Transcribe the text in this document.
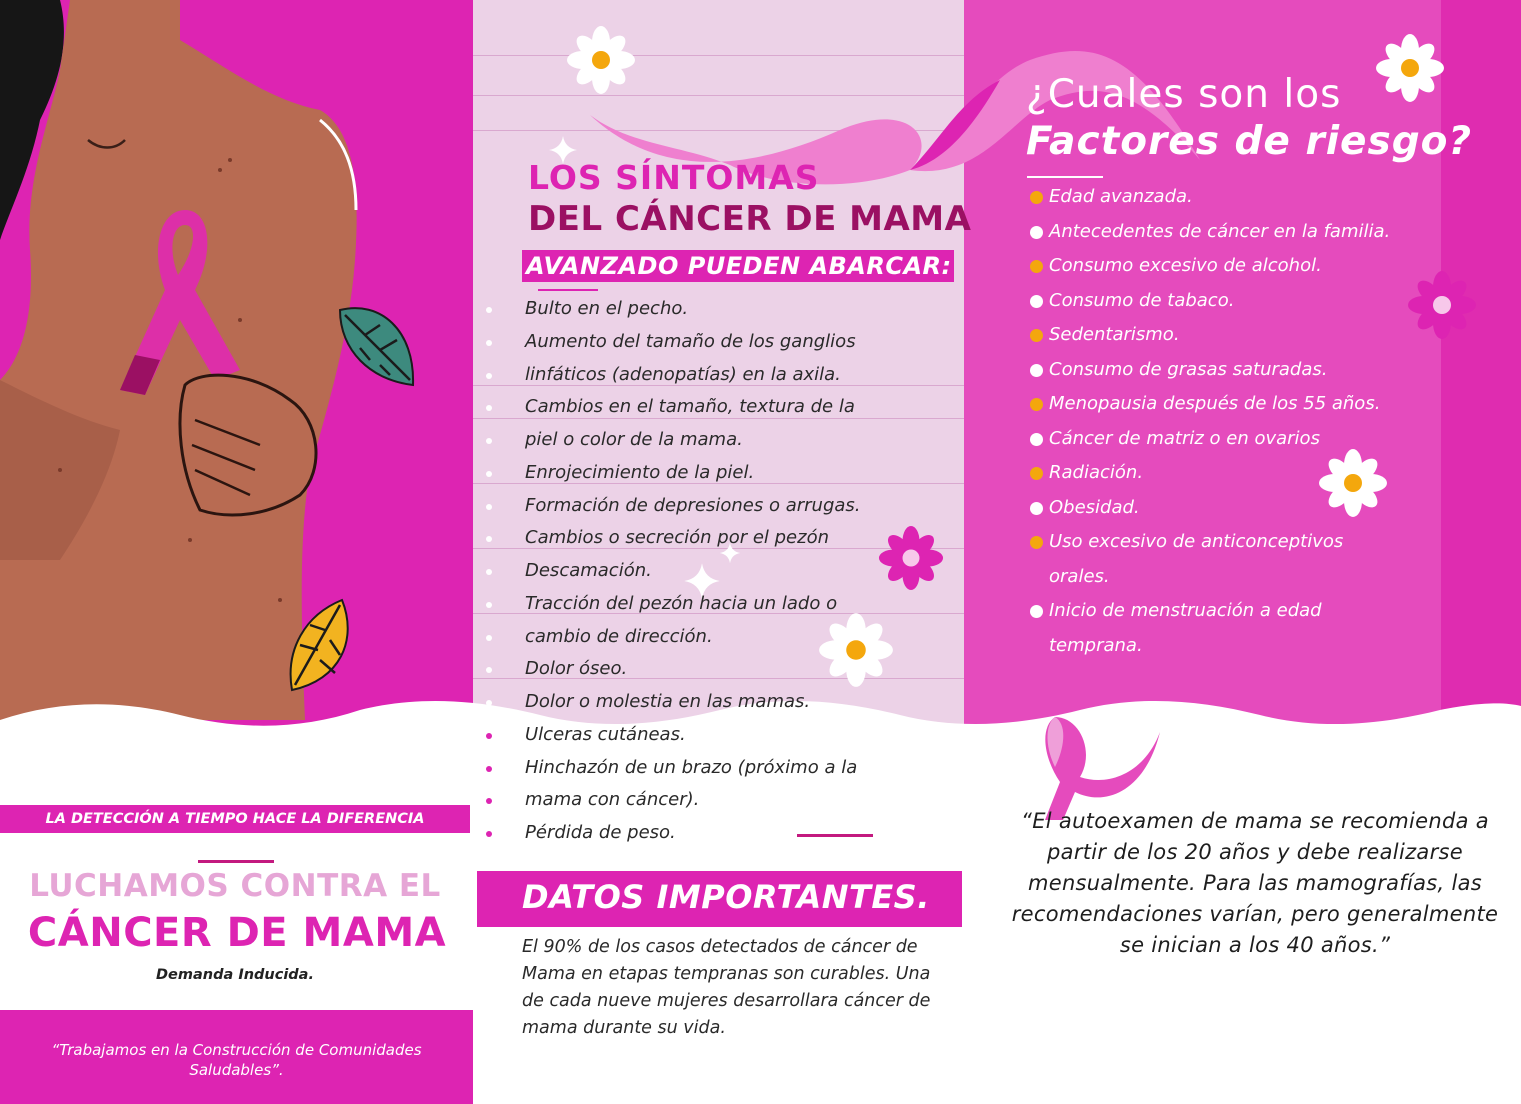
LA DETECCIÓN A TIEMPO HACE LA DIFERENCIA
LUCHAMOS CONTRA EL
CÁNCER DE MAMA
Demanda Inducida.
“Trabajamos en la Construcción de Comunidades Saludables”.
LOS SÍNTOMAS
DEL CÁNCER DE MAMA
AVANZADO PUEDEN ABARCAR:
Bulto en el pecho.
Aumento del tamaño de los ganglios
linfáticos (adenopatías) en la axila.
Cambios en el tamaño, textura de la
piel o color de la mama.
Enrojecimiento de la piel.
Formación de depresiones o arrugas.
Cambios o secreción por el pezón
Descamación.
Tracción del pezón hacia un lado o
cambio de dirección.
Dolor óseo.
Dolor o molestia en las mamas.
Ulceras cutáneas.
Hinchazón de un brazo (próximo a la
mama con cáncer).
Pérdida de peso.
DATOS IMPORTANTES.
El 90% de los casos detectados de cáncer de Mama en etapas tempranas son curables. Una de cada nueve mujeres desarrollara cáncer de mama durante su vida.
¿Cuales son los
Factores de riesgo?
Edad avanzada.
Antecedentes de cáncer en la familia.
Consumo excesivo de alcohol.
Consumo de tabaco.
Sedentarismo.
Consumo de grasas saturadas.
Menopausia después de los 55 años.
Cáncer de matriz o en ovarios
Radiación.
Obesidad.
Uso excesivo de anticonceptivos orales.
Inicio de menstruación a edad temprana.
“El autoexamen de mama se recomienda a partir de los 20 años y debe realizarse mensualmente. Para las mamografías, las recomendaciones varían, pero generalmente se inician a los 40 años.”
